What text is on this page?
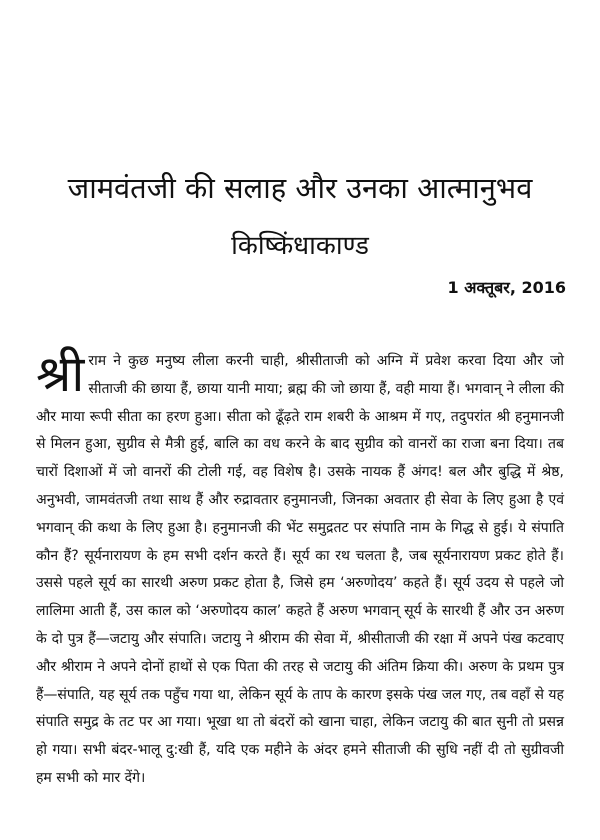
जामवंतजी की सलाह और उनका आत्मानुभव
किष्किंधाकाण्ड
1 अक्तूबर, 2016

श्री राम ने कुछ मनुष्य लीला करनी चाही, श्रीसीताजी को अग्नि में प्रवेश करवा दिया और जो सीताजी की छाया हैं, छाया यानी माया; ब्रह्म की जो छाया हैं, वही माया हैं। भगवान् ने लीला की और माया रूपी सीता का हरण हुआ। सीता को ढूँढ़ते राम शबरी के आश्रम में गए, तदुपरांत श्री हनुमानजी से मिलन हुआ, सुग्रीव से मैत्री हुई, बालि का वध करने के बाद सुग्रीव को वानरों का राजा बना दिया। तब चारों दिशाओं में जो वानरों की टोली गई, वह विशेष है। उसके नायक हैं अंगद! बल और बुद्धि में श्रेष्ठ, अनुभवी, जामवंतजी तथा साथ हैं और रुद्रावतार हनुमानजी, जिनका अवतार ही सेवा के लिए हुआ है एवं भगवान् की कथा के लिए हुआ है। हनुमानजी की भेंट समुद्रतट पर संपाति नाम के गिद्ध से हुई। ये संपाति कौन हैं? सूर्यनारायण के हम सभी दर्शन करते हैं। सूर्य का रथ चलता है, जब सूर्यनारायण प्रकट होते हैं। उससे पहले सूर्य का सारथी अरुण प्रकट होता है, जिसे हम ‘अरुणोदय’ कहते हैं। सूर्य उदय से पहले जो लालिमा आती हैं, उस काल को ‘अरुणोदय काल’ कहते हैं अरुण भगवान् सूर्य के सारथी हैं और उन अरुण के दो पुत्र हैं—जटायु और संपाति। जटायु ने श्रीराम की सेवा में, श्रीसीताजी की रक्षा में अपने पंख कटवाए और श्रीराम ने अपने दोनों हाथों से एक पिता की तरह से जटायु की अंतिम क्रिया की। अरुण के प्रथम पुत्र हैं—संपाति, यह सूर्य तक पहुँच गया था, लेकिन सूर्य के ताप के कारण इसके पंख जल गए, तब वहाँ से यह संपाति समुद्र के तट पर आ गया। भूखा था तो बंदरों को खाना चाहा, लेकिन जटायु की बात सुनी तो प्रसन्न हो गया। सभी बंदर-भालू दु:खी हैं, यदि एक महीने के अंदर हमने सीताजी की सुधि नहीं दी तो सुग्रीवजी हम सभी को मार देंगे।
